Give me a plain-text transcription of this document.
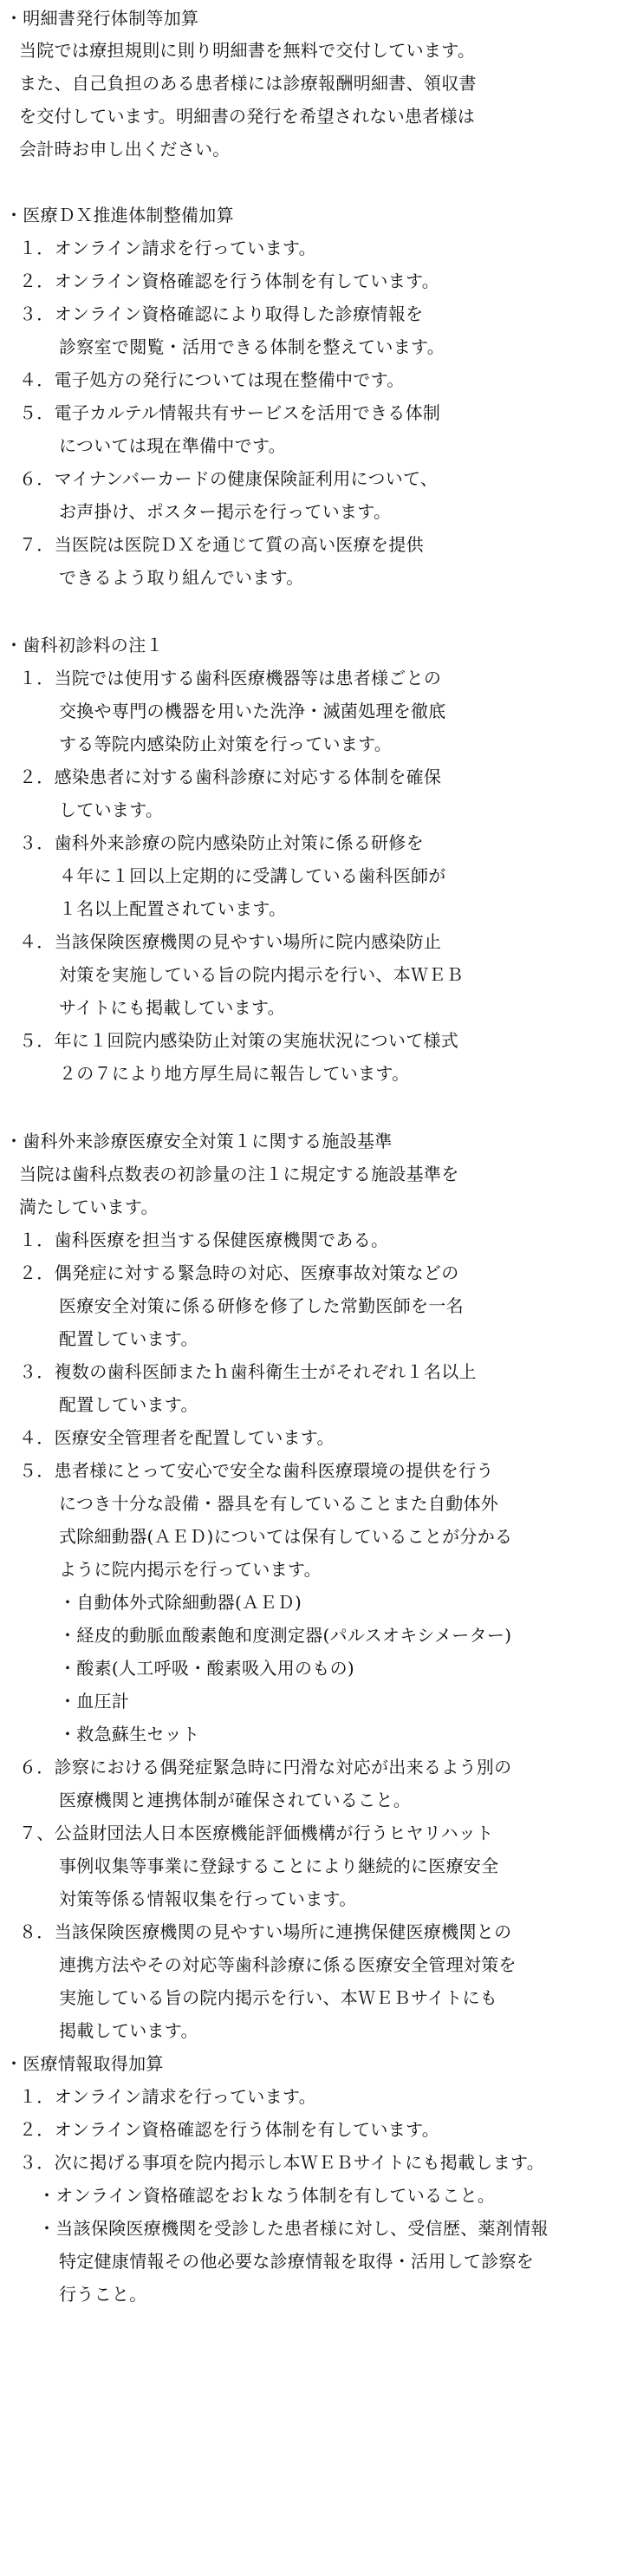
・明細書発行体制等加算
当院では療担規則に則り明細書を無料で交付しています。
また、自己負担のある患者様には診療報酬明細書、領収書
を交付しています。明細書の発行を希望されない患者様は
会計時お申し出ください。
・医療ＤＸ推進体制整備加算
１．オンライン請求を行っています。
２．オンライン資格確認を行う体制を有しています。
３．オンライン資格確認により取得した診療情報を
診察室で閲覧・活用できる体制を整えています。
４．電子処方の発行については現在整備中です。
５．電子カルテル情報共有サービスを活用できる体制
については現在準備中です。
６．マイナンバーカードの健康保険証利用について、
お声掛け、ポスター掲示を行っています。
７．当医院は医院ＤＸを通じて質の高い医療を提供
できるよう取り組んでいます。
・歯科初診料の注１
１．当院では使用する歯科医療機器等は患者様ごとの
交換や専門の機器を用いた洗浄・滅菌処理を徹底
する等院内感染防止対策を行っています。
２．感染患者に対する歯科診療に対応する体制を確保
しています。
３．歯科外来診療の院内感染防止対策に係る研修を
４年に１回以上定期的に受講している歯科医師が
１名以上配置されています。
４．当該保険医療機関の見やすい場所に院内感染防止
対策を実施している旨の院内掲示を行い、本ＷＥＢ
サイトにも掲載しています。
５．年に１回院内感染防止対策の実施状況について様式
２の７により地方厚生局に報告しています。
・歯科外来診療医療安全対策１に関する施設基準
当院は歯科点数表の初診量の注１に規定する施設基準を
満たしています。
１．歯科医療を担当する保健医療機関である。
２．偶発症に対する緊急時の対応、医療事故対策などの
医療安全対策に係る研修を修了した常勤医師を一名
配置しています。
３．複数の歯科医師またｈ歯科衛生士がそれぞれ１名以上
配置しています。
４．医療安全管理者を配置しています。
５．患者様にとって安心で安全な歯科医療環境の提供を行う
につき十分な設備・器具を有していることまた自動体外
式除細動器(ＡＥＤ)については保有していることが分かる
ように院内掲示を行っています。
・自動体外式除細動器(ＡＥＤ)
・経皮的動脈血酸素飽和度測定器(パルスオキシメーター)
・酸素(人工呼吸・酸素吸入用のもの)
・血圧計
・救急蘇生セット
６．診察における偶発症緊急時に円滑な対応が出来るよう別の
医療機関と連携体制が確保されていること。
７、公益財団法人日本医療機能評価機構が行うヒヤリハット
事例収集等事業に登録することにより継続的に医療安全
対策等係る情報収集を行っています。
８．当該保険医療機関の見やすい場所に連携保健医療機関との
連携方法やその対応等歯科診療に係る医療安全管理対策を
実施している旨の院内掲示を行い、本ＷＥＢサイトにも
掲載しています。
・医療情報取得加算
１．オンライン請求を行っています。
２．オンライン資格確認を行う体制を有しています。
３．次に掲げる事項を院内掲示し本ＷＥＢサイトにも掲載します。
・オンライン資格確認をおｋなう体制を有していること。
・当該保険医療機関を受診した患者様に対し、受信歴、薬剤情報
特定健康情報その他必要な診療情報を取得・活用して診察を
行うこと。
